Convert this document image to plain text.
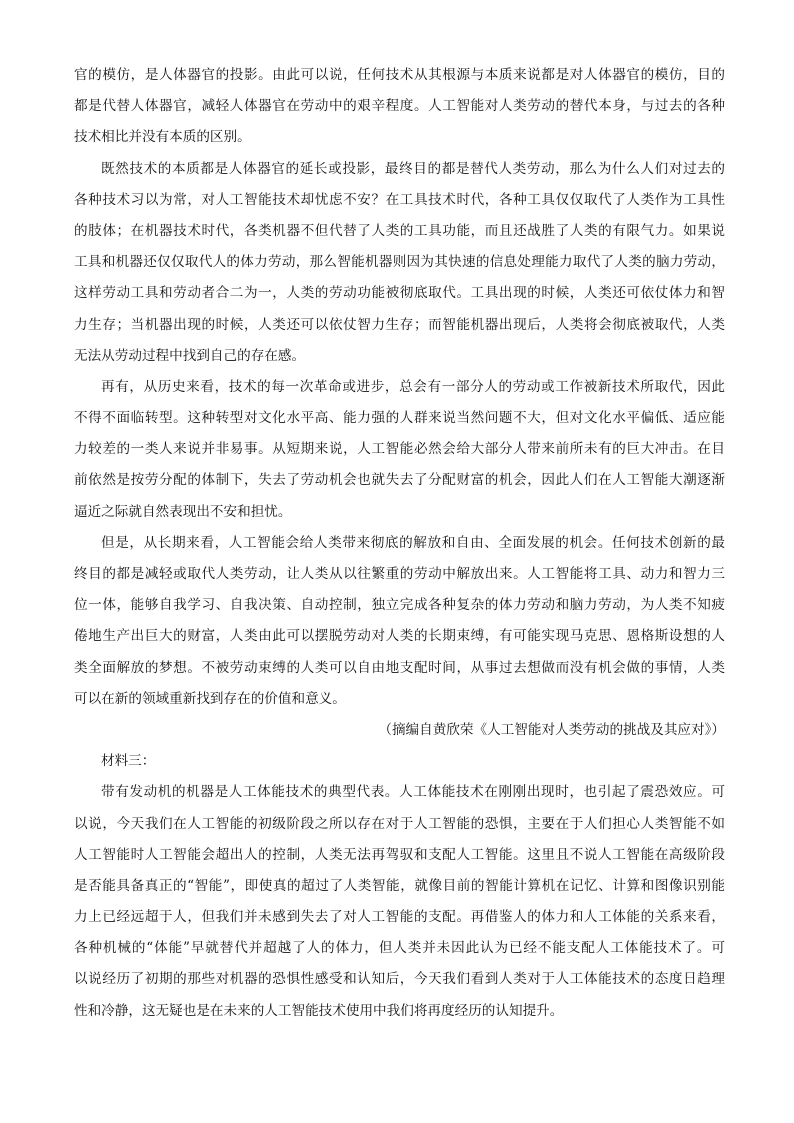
官的模仿，是人体器官的投影。由此可以说，任何技术从其根源与本质来说都是对人体器官的模仿，目的
都是代替人体器官，减轻人体器官在劳动中的艰辛程度。人工智能对人类劳动的替代本身，与过去的各种
技术相比并没有本质的区别。
既然技术的本质都是人体器官的延长或投影，最终目的都是替代人类劳动，那么为什么人们对过去的
各种技术习以为常，对人工智能技术却忧虑不安？在工具技术时代，各种工具仅仅取代了人类作为工具性
的肢体；在机器技术时代，各类机器不但代替了人类的工具功能，而且还战胜了人类的有限气力。如果说
工具和机器还仅仅取代人的体力劳动，那么智能机器则因为其快速的信息处理能力取代了人类的脑力劳动，
这样劳动工具和劳动者合二为一，人类的劳动功能被彻底取代。工具出现的时候，人类还可依仗体力和智
力生存；当机器出现的时候，人类还可以依仗智力生存；而智能机器出现后，人类将会彻底被取代，人类
无法从劳动过程中找到自己的存在感。
再有，从历史来看，技术的每一次革命或进步，总会有一部分人的劳动或工作被新技术所取代，因此
不得不面临转型。这种转型对文化水平高、能力强的人群来说当然问题不大，但对文化水平偏低、适应能
力较差的一类人来说并非易事。从短期来说，人工智能必然会给大部分人带来前所未有的巨大冲击。在目
前依然是按劳分配的体制下，失去了劳动机会也就失去了分配财富的机会，因此人们在人工智能大潮逐渐
逼近之际就自然表现出不安和担忧。
但是，从长期来看，人工智能会给人类带来彻底的解放和自由、全面发展的机会。任何技术创新的最
终目的都是减轻或取代人类劳动，让人类从以往繁重的劳动中解放出来。人工智能将工具、动力和智力三
位一体，能够自我学习、自我决策、自动控制，独立完成各种复杂的体力劳动和脑力劳动，为人类不知疲
倦地生产出巨大的财富，人类由此可以摆脱劳动对人类的长期束缚，有可能实现马克思、恩格斯设想的人
类全面解放的梦想。不被劳动束缚的人类可以自由地支配时间，从事过去想做而没有机会做的事情，人类
可以在新的领域重新找到存在的价值和意义。
（摘编自黄欣荣《人工智能对人类劳动的挑战及其应对》）
材料三：
带有发动机的机器是人工体能技术的典型代表。人工体能技术在刚刚出现时，也引起了震恐效应。可
以说，今天我们在人工智能的初级阶段之所以存在对于人工智能的恐惧，主要在于人们担心人类智能不如
人工智能时人工智能会超出人的控制，人类无法再驾驭和支配人工智能。这里且不说人工智能在高级阶段
是否能具备真正的“智能”，即使真的超过了人类智能，就像目前的智能计算机在记忆、计算和图像识别能
力上已经远超于人，但我们并未感到失去了对人工智能的支配。再借鉴人的体力和人工体能的关系来看，
各种机械的“体能”早就替代并超越了人的体力，但人类并未因此认为已经不能支配人工体能技术了。可
以说经历了初期的那些对机器的恐惧性感受和认知后，今天我们看到人类对于人工体能技术的态度日趋理
性和冷静，这无疑也是在未来的人工智能技术使用中我们将再度经历的认知提升。
